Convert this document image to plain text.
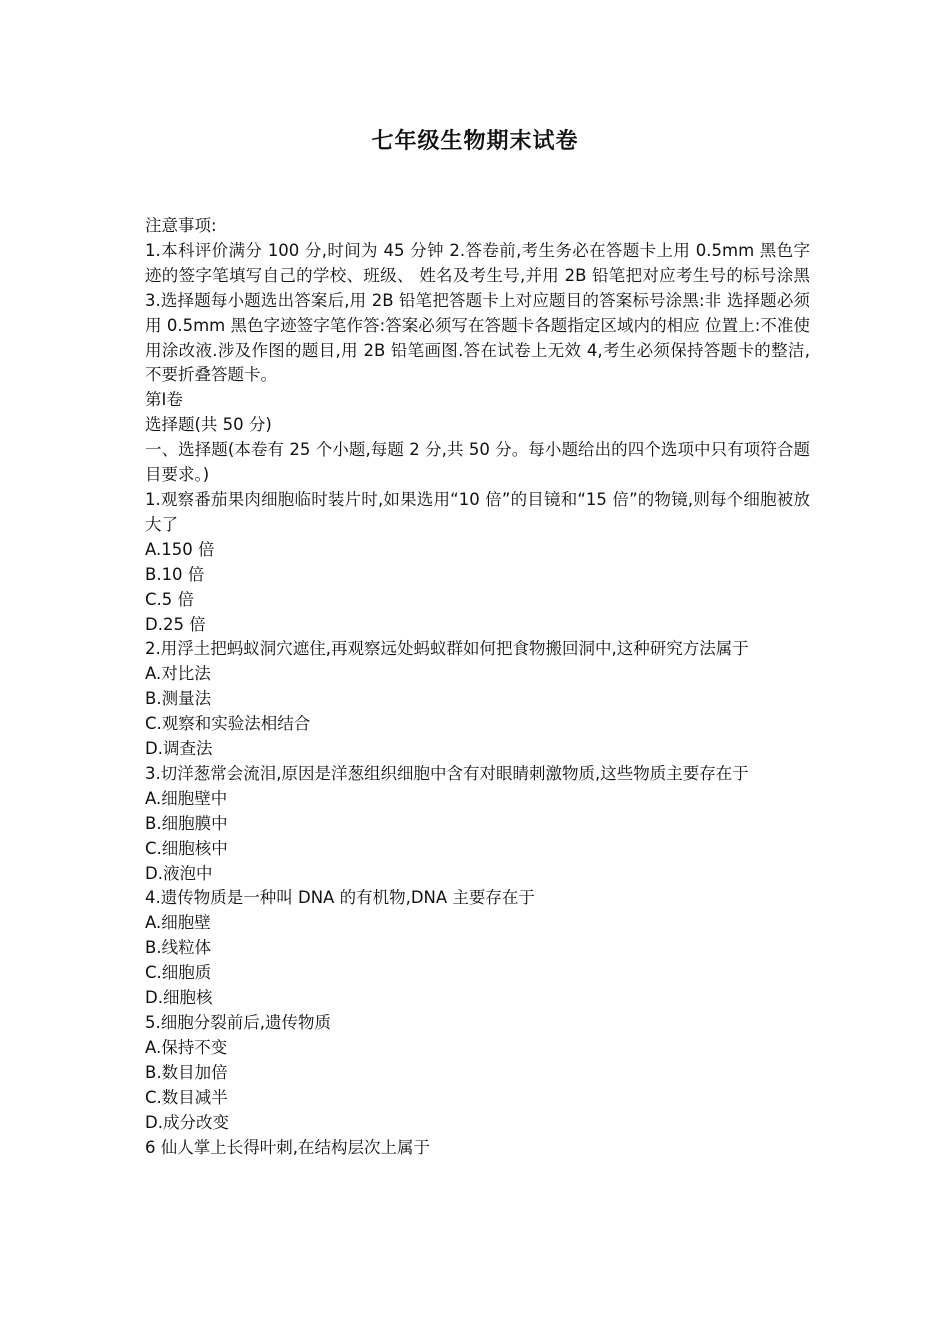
七年级生物期末试卷

注意事项:

1.本科评价满分 100 分,时间为 45 分钟 2.答卷前,考生务必在答题卡上用 0.5mm 黑色字迹的签字笔填写自己的学校、班级、 姓名及考生号,并用 2B 铅笔把对应考生号的标号涂黑 3.选择题每小题选出答案后,用 2B 铅笔把答题卡上对应题目的答案标号涂黑:非 选择题必须用 0.5mm 黑色字迹签字笔作答:答案必须写在答题卡各题指定区域内的相应 位置上:不准使用涂改液.涉及作图的题目,用 2B 铅笔画图.答在试卷上无效 4,考生必须保持答题卡的整洁,不要折叠答题卡。

第Ⅰ卷

选择题(共 50 分)

一、选择题(本卷有 25 个小题,每题 2 分,共 50 分。每小题给出的四个选项中只有项符合题目要求。)

1.观察番茄果肉细胞临时装片时,如果选用“10 倍”的目镜和“15 倍”的物镜,则每个细胞被放大了

A.150 倍

B.10 倍

C.5 倍

D.25 倍

2.用浮土把蚂蚁洞穴遮住,再观察远处蚂蚁群如何把食物搬回洞中,这种研究方法属于

A.对比法

B.测量法

C.观察和实验法相结合

D.调查法

3.切洋葱常会流泪,原因是洋葱组织细胞中含有对眼睛刺激物质,这些物质主要存在于

A.细胞壁中

B.细胞膜中

C.细胞核中

D.液泡中

4.遗传物质是一种叫 DNA 的有机物,DNA 主要存在于

A.细胞壁

B.线粒体

C.细胞质

D.细胞核

5.细胞分裂前后,遗传物质

A.保持不变

B.数目加倍

C.数目减半

D.成分改变

6 仙人掌上长得叶刺,在结构层次上属于
